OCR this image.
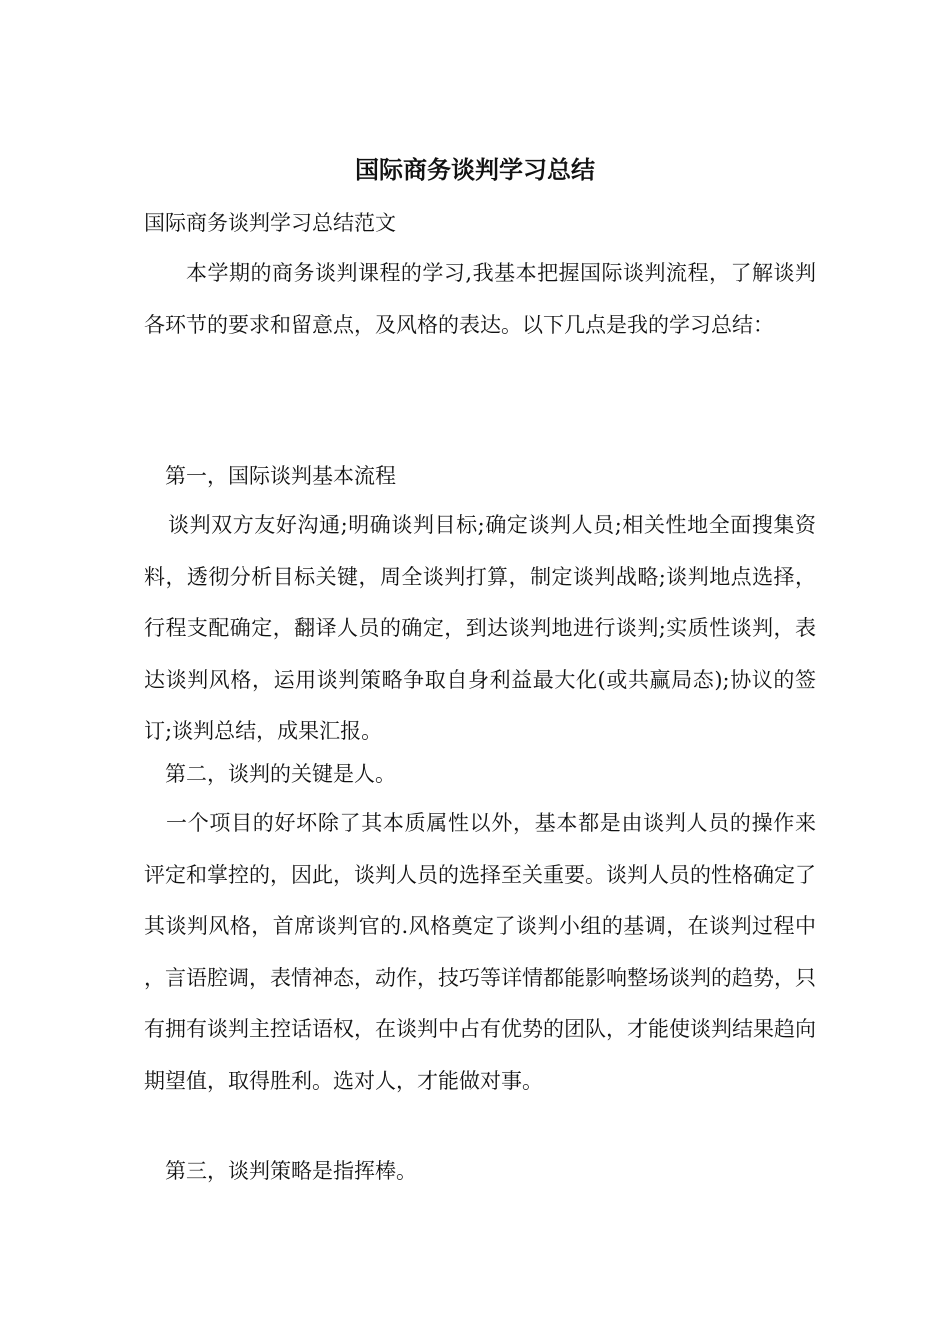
国际商务谈判学习总结

国际商务谈判学习总结范文

本学期的商务谈判课程的学习,我基本把握国际谈判流程，了解谈判各环节的要求和留意点，及风格的表达。以下几点是我的学习总结：

第一，国际谈判基本流程

谈判双方友好沟通;明确谈判目标;确定谈判人员;相关性地全面搜集资料，透彻分析目标关键，周全谈判打算，制定谈判战略;谈判地点选择，行程支配确定，翻译人员的确定，到达谈判地进行谈判;实质性谈判，表达谈判风格，运用谈判策略争取自身利益最大化(或共赢局态);协议的签订;谈判总结，成果汇报。

第二，谈判的关键是人。

一个项目的好坏除了其本质属性以外，基本都是由谈判人员的操作来评定和掌控的，因此，谈判人员的选择至关重要。谈判人员的性格确定了其谈判风格，首席谈判官的.风格奠定了谈判小组的基调，在谈判过程中，言语腔调，表情神态，动作，技巧等详情都能影响整场谈判的趋势，只有拥有谈判主控话语权，在谈判中占有优势的团队，才能使谈判结果趋向期望值，取得胜利。选对人，才能做对事。

第三，谈判策略是指挥棒。
